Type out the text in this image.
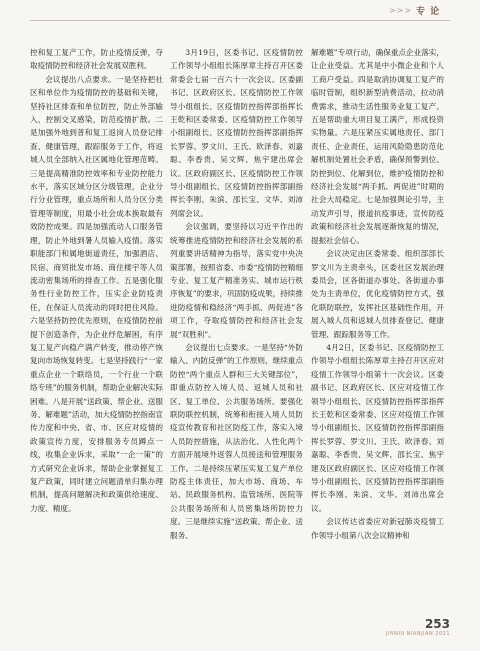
>>> 专 论

控和复工复产工作，防止疫情反弹，夺取疫情防控和经济社会发展双胜利。

会议提出八点要求。一是坚持把社区和单位作为疫情防控的基础和关键，坚持社区排查和单位防控，防止外部输入，控制交叉感染，防范疫情扩散。二是加强外地到普和复工返岗人员登记排查，健康管理，跟踪服务于工作，将返城人员全部纳入社区属地化管理范畴。三是提高精准防控效率和专业防控能力水平，落实区域分区分级管理，企业分行分业管理，重点场所和人员分区分类管理等制度，用最小社会成本换取最有效防控成果。四是加强流动人口服务管理，防止外地到暑人员输入疫情。落实职能部门和属地街道责任，加强酒店、民宿、商贸批发市场、商住楼宇等人员流动密集场所的排查工作。五是强化服务性行业防控工作，压实企业防疫责任，在保证人员流动的同时把住风险。六是坚持防控优先原则，在疫情防控前提下创造条件，为企业纾危解困，有序复工复产向稳产满产转变，推动停产恢复向市场恢复转变。七是坚持践行“一家重点企业一个联络员，一个行业一个联络专班”的服务机制，帮助企业解决实际困难。八是开展“送政策、帮企业、送服务、解难题”活动，加大疫情防控指南宣传力度和中央、省、市、区应对疫情的政策宣传力度，安排服务专员蹲点一线，收集企业诉求，采取“一企一策”的方式研究企业诉求，帮助企业掌握复工复产政策，同时建立问题清单归集办理机制，提高问题解决和政策供给速度、力度、精度。

3月19日，区委书记、区疫情防控工作领导小组组长陈厚章主持召开区委常委会七届一百六十一次会议。区委副书记、区政府区长、区疫情防控工作领导小组组长、区疫情防控指挥部指挥长王乾和区委常委、区疫情防控工作领导小组副组长、区疫情防控指挥部副指挥长罗蓉、罗文川、王氏、欧泽春、刘嘉聪、李香贵、吴文辉、焦宇建出席会议。区政府副区长、区疫情防控工作领导小组副组长、区疫情防控指挥部副指挥长李刚、朱滨、邵长宝、文华、刘沛列席会议。

会议强调，要坚持以习近平作出的统筹推进疫情防控和经济社会发展的系列重要讲话精神为指导，落实党中央决策部署，按照省委、市委“疫情防控精细专业、复工复产精准务实、城市运行秩序恢复”的要求，巩固防疫成果，持续推进防疫情和稳经济“两手抓、两促进”各项工作，夺取疫情防控和经济社会发展“双胜利”。

会议提出七点要求。一是坚持“外防输入、内防反弹”的工作原则，继续重点防控“两个重点人群和三大关键部位”，即重点防控入境人员、返城人员和社区、复工单位、公共服务场所。要强化联防联控机制，统筹和衔接入境人员防疫宣传教育和社区防疫工作，落实入境人员防控措施，从法治化、人性化两个方面开展境外返蓉人员接送和管理服务工作。二是持续压紧压实复工复产单位防疫主体责任，加大市场、商场、车站、民政服务机构、监管场所、医院等公共服务场所和人员密集场所防控力度。三是继续实施“送政策、帮企业、送服务、

解难题”专项行动，确保重点企业落实，让企业受益。尤其是中小微企业和个人工商户受益。四是取消协调复工复产的临时管制，组织新型消费活动，拉动消费需求，推动生活性服务业复工复产。五是帮助重大项目复工满产，形成投资实物量。六是压紧压实属地责任、部门责任、企业责任，运用风险隐患防范化解机制处置社会矛盾，确保预警到位、防控到位、化解到位，维护疫情防控和经济社会发展“两手抓、两促进”时期的社会大局稳定。七是加强舆论引导，主动发声引导，报道抗疫事迹，宣传防疫政策和经济社会发展逐渐恢复的情况，提振社会信心。

会议决定由区委常委、组织部部长罗文川为主责牵头，区委社区发展治理委员会，区各街道办事处、各街道办事处为主责单位，优化疫情防控方式，强化联防联控，发挥社区基础性作用，开展入城人员和返城人员排查登记、健康管理、跟踪服务等工作。

4月2日，区委书记、区疫情防控工作领导小组组长陈厚章主持召开区应对疫情工作领导小组第十一次会议。区委副书记、区政府区长、区应对疫情工作领导小组组长、区疫情防控指挥部指挥长王乾和区委常委、区应对疫情工作领导小组副组长、区疫情防控指挥部副指挥长罗蓉、罗文川、王氏、欧泽春、刘嘉聪、李香贵、吴文辉、邵长宝、焦宇建及区政府副区长、区应对疫情工作领导小组副组长、区疫情防控指挥部副指挥长李刚、朱滨、文华、刘沛出席会议。

会议传达省委应对新冠肺炎疫情工作领导小组第八次会议精神和

253
JINNIU NIANJIAN 2021
